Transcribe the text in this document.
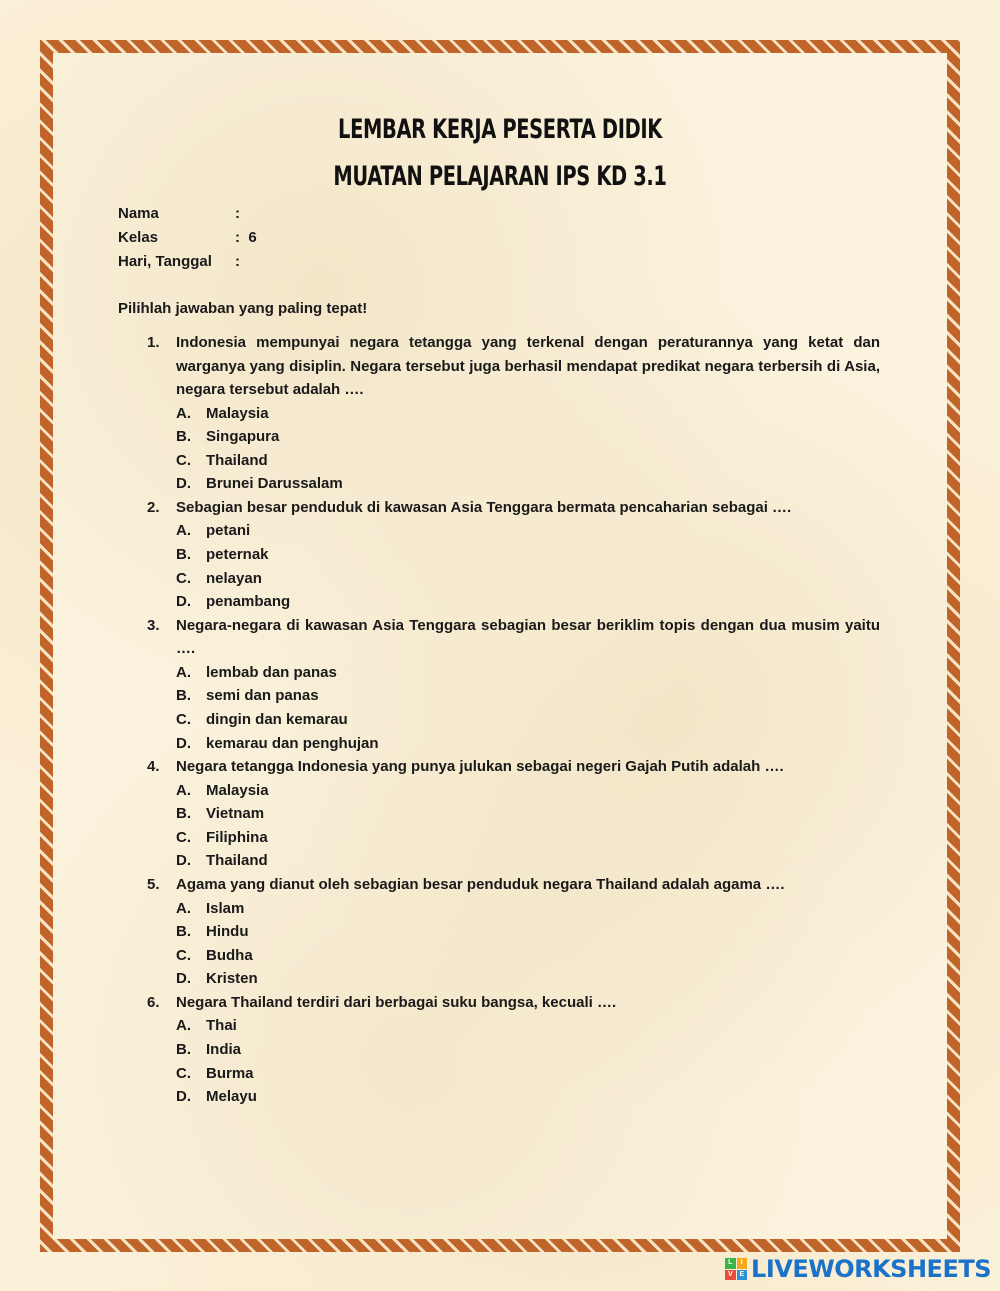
LEMBAR KERJA PESERTA DIDIK
MUATAN PELAJARAN IPS KD 3.1
Nama	:
Kelas	:  6
Hari, Tanggal :
Pilihlah jawaban yang paling tepat!
1.	Indonesia mempunyai negara tetangga yang terkenal dengan peraturannya yang ketat dan warganya yang disiplin. Negara tersebut juga berhasil mendapat predikat negara terbersih di Asia, negara tersebut adalah ….
A.	Malaysia
B.	Singapura
C.	Thailand
D.	Brunei Darussalam
2.	Sebagian besar penduduk di kawasan Asia Tenggara bermata pencaharian sebagai ….
A.	petani
B.	peternak
C.	nelayan
D.	penambang
3.	Negara-negara di kawasan Asia Tenggara sebagian besar beriklim topis dengan dua musim yaitu ….
A.	lembab dan panas
B.	semi dan panas
C.	dingin dan kemarau
D.	kemarau dan penghujan
4.	Negara tetangga Indonesia yang punya julukan sebagai negeri Gajah Putih adalah ….
A.	Malaysia
B.	Vietnam
C.	Filiphina
D.	Thailand
5.	Agama yang dianut oleh sebagian besar penduduk negara Thailand adalah agama ….
A.	Islam
B.	Hindu
C.	Budha
D.	Kristen
6.	Negara Thailand terdiri dari berbagai suku bangsa, kecuali ….
A.	Thai
B.	India
C.	Burma
D.	Melayu
L	I
V E LIVEWORKSHEETS
